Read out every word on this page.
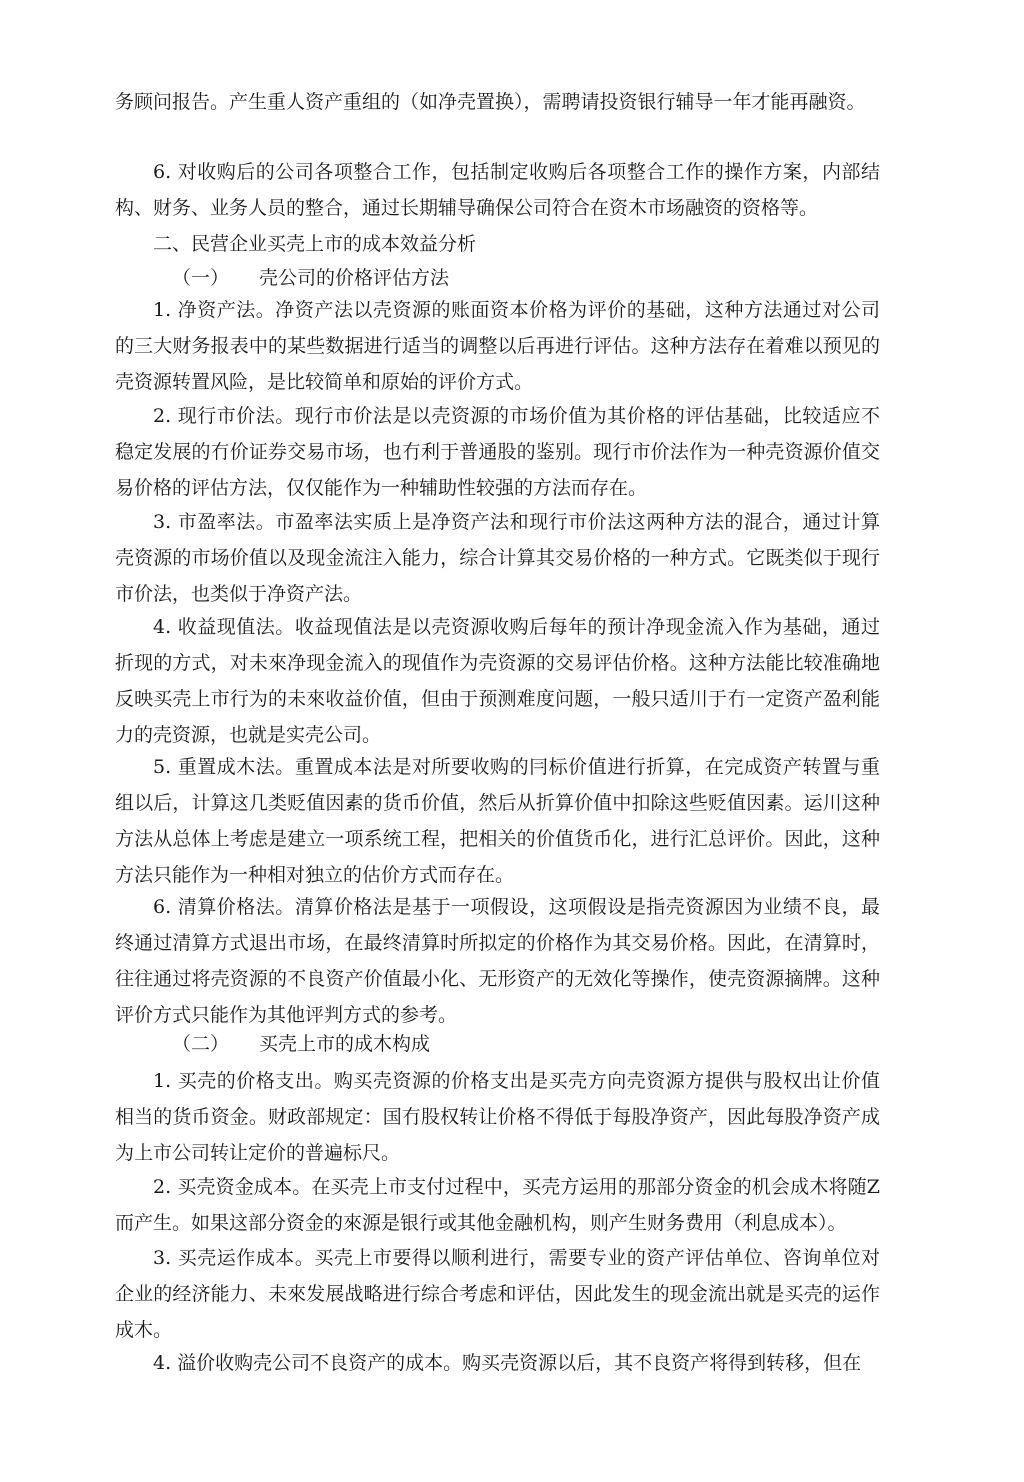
务顾问报告。产生重人资产重组的（如净壳置换），需聘请投资银行辅导一年才能再融资。

6. 对收购后的公司各项整合工作，包括制定收购后各项整合工作的操作方案，内部结构、财务、业务人员的整合，通过长期辅导确保公司符合在资木市场融资的资格等。

二、民营企业买壳上市的成本效益分析

（一） 壳公司的价格评估方法

1. 净资产法。净资产法以壳资源的账面资本价格为评价的基础，这种方法通过对公司的三大财务报表中的某些数据进行适当的调整以后再进行评估。这种方法存在着难以预见的壳资源转置风险，是比较简单和原始的评价方式。

2. 现行市价法。现行市价法是以壳资源的市场价值为其价格的评估基础，比较适应不稳定发展的冇价证券交易市场，也冇利于普通股的鉴别。现行市价法作为一种壳资源价值交易价格的评估方法，仅仅能作为一种辅助性较强的方法而存在。

3. 市盈率法。市盈率法实质上是净资产法和现行市价法这两种方法的混合，通过计算壳资源的市场价值以及现金流注入能力，综合计算其交易价格的一种方式。它既类似于现行市价法，也类似于净资产法。

4. 收益现值法。收益现值法是以壳资源收购后每年的预计净现金流入作为基础，通过折现的方式，对未來净现金流入的现值作为壳资源的交易评估价格。这种方法能比较准确地反映买壳上市行为的未來收益价值，但由于预测难度问题，一般只适川于冇一定资产盈利能力的壳资源，也就是实壳公司。

5. 重置成木法。重置成本法是对所要收购的冃标价值进行折算，在完成资产转置与重组以后，计算这几类贬值因素的货币价值，然后从折算价值中扣除这些贬值因素。运川这种方法从总体上考虑是建立一项系统工程，把相关的价值货币化，进行汇总评价。因此，这种方法只能作为一种相对独立的估价方式而存在。

6. 清算价格法。清算价格法是基于一项假设，这项假设是指壳资源因为业绩不良，最终通过清算方式退出市场，在最终清算时所拟定的价格作为其交易价格。因此，在清算时，往往通过将壳资源的不良资产价值最小化、无形资产的无效化等操作，使壳资源摘牌。这种评价方式只能作为其他评判方式的参考。

（二） 买壳上市的成木构成

1. 买壳的价格支出。购买壳资源的价格支出是买壳方向壳资源方提供与股权出让价值相当的货币资金。财政部规定：国冇股权转让价格不得低于每股净资产，因此每股净资产成为上市公司转让定价的普遍标尺。

2. 买壳资金成本。在买壳上市支付过程中，买壳方运用的那部分资金的机会成木将随Z而产生。如果这部分资金的來源是银行或其他金融机构，则产生财务费用（利息成本）。

3. 买壳运作成本。买壳上市要得以顺利进行，需要专业的资产评估单位、咨询单位对企业的经济能力、未來发展战略进行综合考虑和评估，因此发生的现金流出就是买壳的运作成木。

4. 溢价收购壳公司不良资产的成本。购买壳资源以后，其不良资产将得到转移，但在
